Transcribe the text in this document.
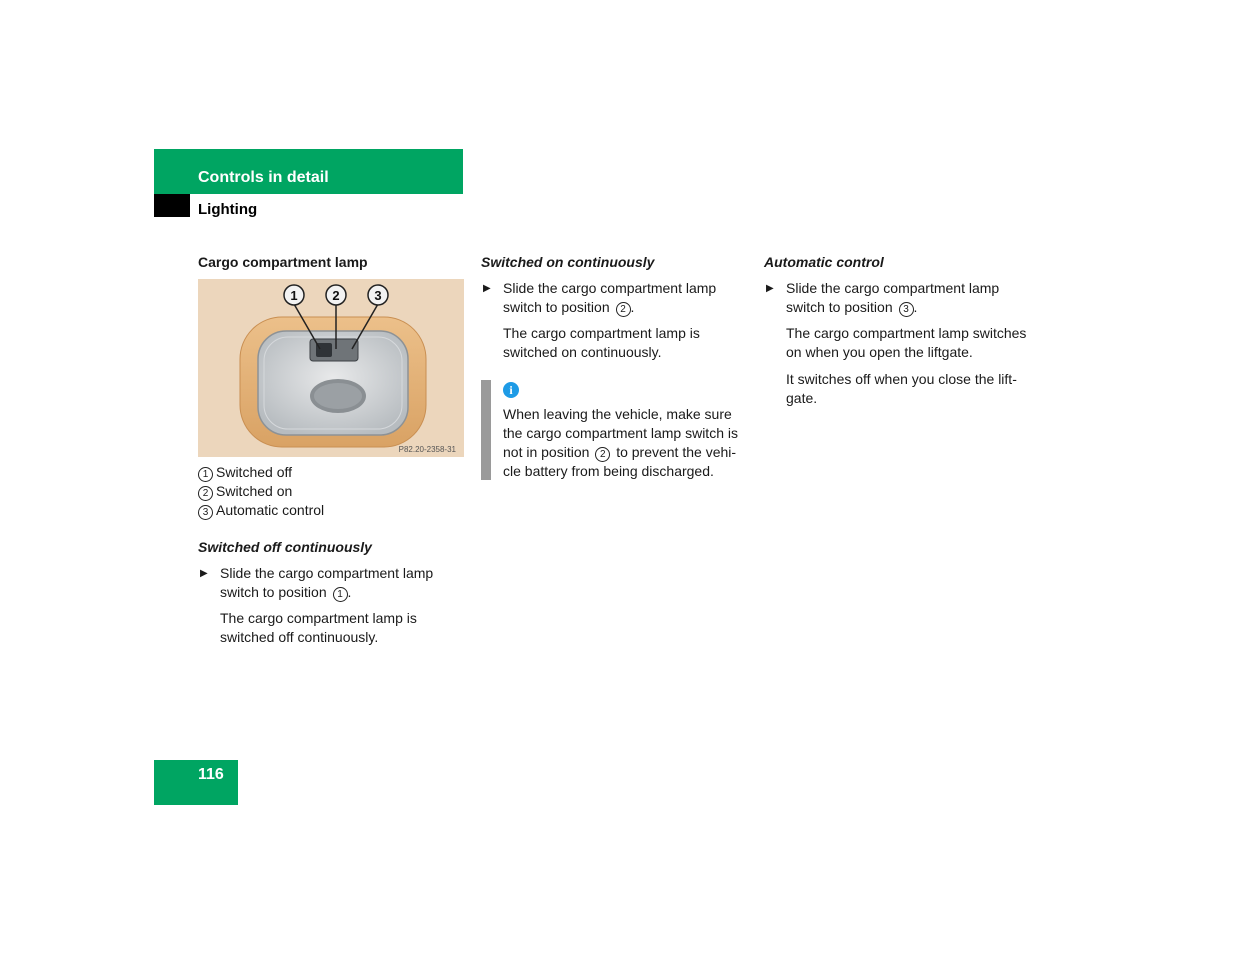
Controls in detail
Lighting
Cargo compartment lamp
1	2	3
P82.20-2358-31
1 Switched off
2 Switched on
3 Automatic control
Switched off continuously
▶ Slide the cargo compartment lamp switch to position 1 .
The cargo compartment lamp is switched off continuously.
Switched on continuously
▶ Slide the cargo compartment lamp switch to position 2 .
The cargo compartment lamp is switched on continuously.
i
When leaving the vehicle, make sure the cargo compartment lamp switch is not in position 2 to prevent the vehi-cle battery from being discharged.
Automatic control
▶ Slide the cargo compartment lamp switch to position 3 .
The cargo compartment lamp switches on when you open the liftgate.
It switches off when you close the lift-gate.
116
